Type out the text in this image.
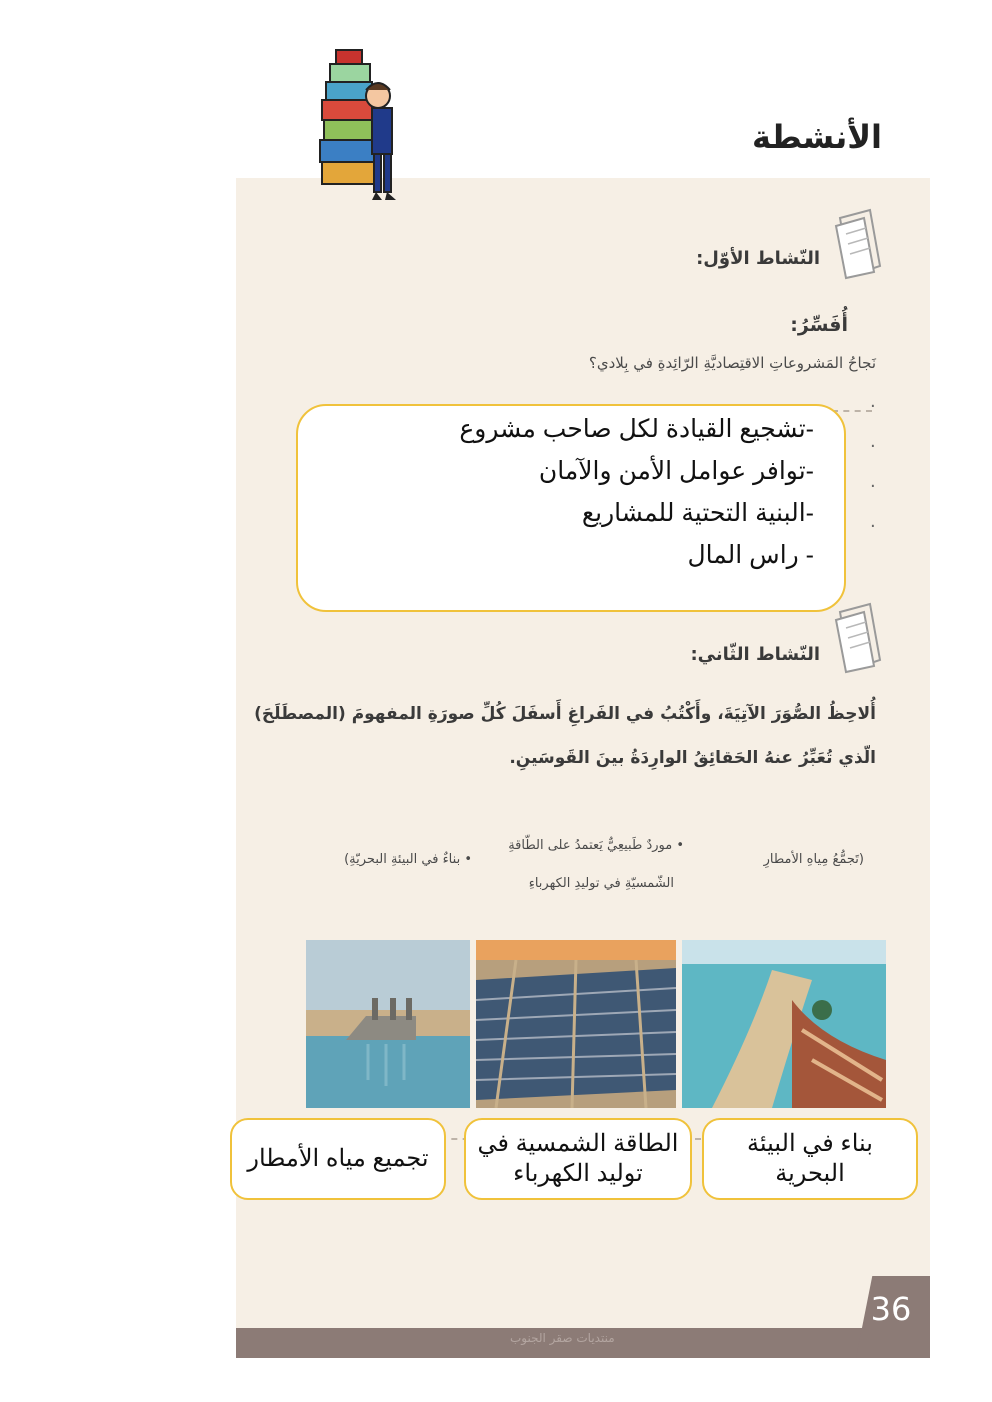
الأنشطة
النّشاط الأوّل:
أُفَسِّرُ:
نَجاحُ المَشروعاتِ الاقتِصاديَّةِ الرّائِدةِ في بِلادي؟
·
·
·
·
-تشجيع القيادة لكل صاحب مشروع
-توافر عوامل الأمن والآمان
-البنية التحتية للمشاريع
- راس المال
النّشاط الثّاني:
أُلاحِظُ الصُّوَرَ الآتِيَةَ، وأَكْتُبُ في الفَراغِ أَسفَلَ كُلِّ صورَةِ المفهومَ (المصطَلَحَ)
الّذي تُعَبِّرُ عنهُ الحَقائِقُ الوارِدَةُ بينَ القَوسَينِ.
(تَجمُّعُ مِياهِ الأمطارِ
• موردٌ طَبيعِيٌّ يَعتمدُ على الطّاقةِ
الشّمسيّةِ في توليدِ الكهرباءِ
• بناءٌ في البيئةِ البحريّةِ)
تجميع مياه الأمطار
الطاقة الشمسية في توليد الكهرباء
بناء في البيئة البحرية
36
منتديات صقر الجنوب
